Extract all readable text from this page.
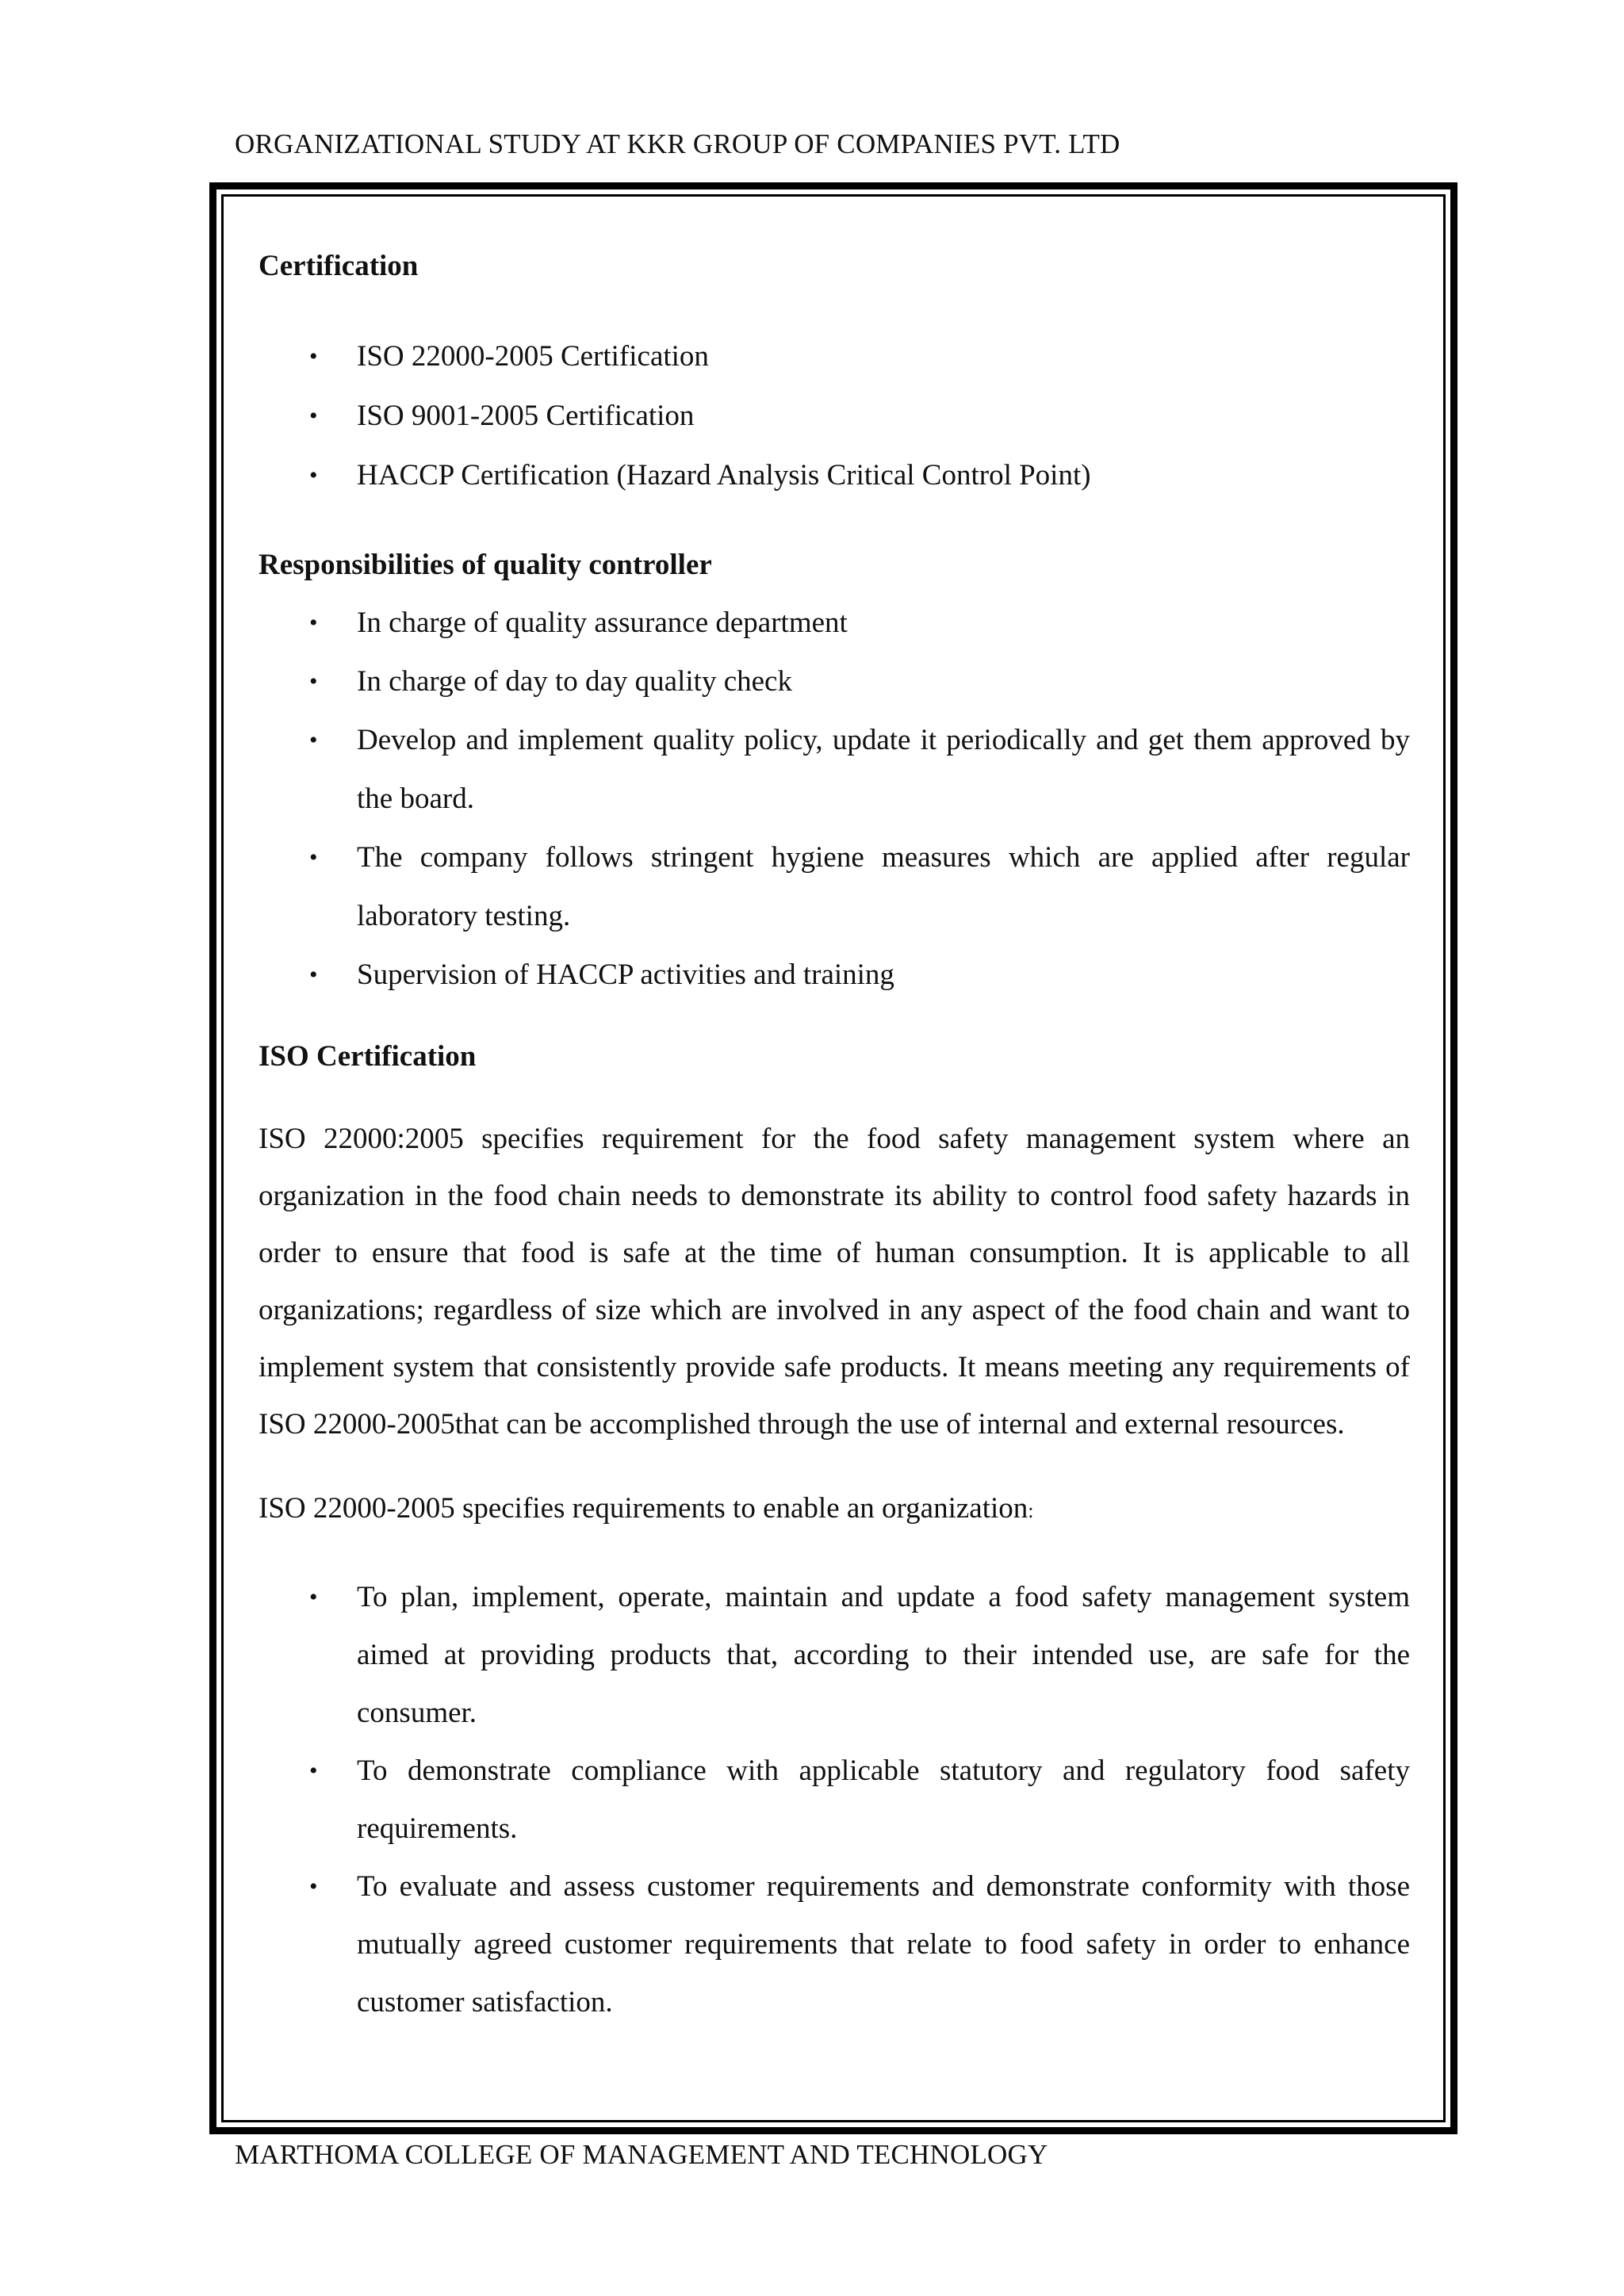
ORGANIZATIONAL STUDY AT KKR GROUP OF COMPANIES PVT. LTD
Certification
• ISO 22000-2005 Certification
• ISO 9001-2005 Certification
• HACCP Certification (Hazard Analysis Critical Control Point)
Responsibilities of quality controller
• In charge of quality assurance department
• In charge of day to day quality check
• Develop and implement quality policy, update it periodically and get them approved by the board.
• The company follows stringent hygiene measures which are applied after regular laboratory testing.
• Supervision of HACCP activities and training
ISO Certification

ISO 22000:2005 specifies requirement for the food safety management system where an organization in the food chain needs to demonstrate its ability to control food safety hazards in order to ensure that food is safe at the time of human consumption. It is applicable to all organizations; regardless of size which are involved in any aspect of the food chain and want to implement system that consistently provide safe products. It means meeting any requirements of ISO 22000-2005that can be accomplished through the use of internal and external resources.

ISO 22000-2005 specifies requirements to enable an organization:

• To plan, implement, operate, maintain and update a food safety management system aimed at providing products that, according to their intended use, are safe for the consumer.
• To demonstrate compliance with applicable statutory and regulatory food safety requirements.
• To evaluate and assess customer requirements and demonstrate conformity with those mutually agreed customer requirements that relate to food safety in order to enhance customer satisfaction.
MARTHOMA COLLEGE OF MANAGEMENT AND TECHNOLOGY
